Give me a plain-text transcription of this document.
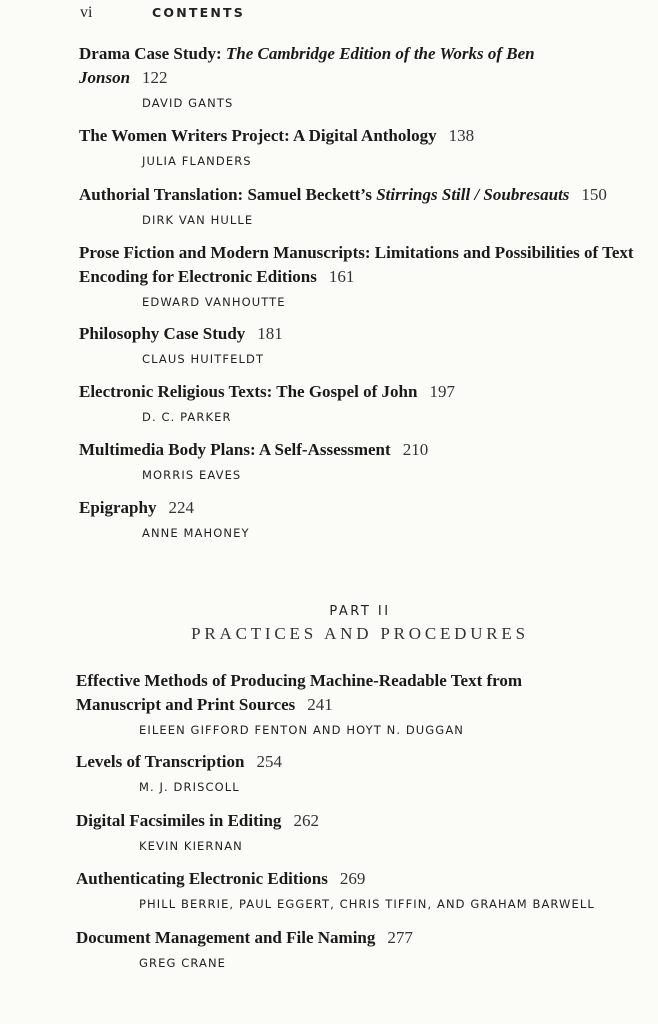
vi	CONTENTS
Drama Case Study: The Cambridge Edition of the Works of Ben Jonson 122
DAVID GANTS
The Women Writers Project: A Digital Anthology 138
JULIA FLANDERS
Authorial Translation: Samuel Beckett’s Stirrings Still / Soubresauts 150
DIRK VAN HULLE
Prose Fiction and Modern Manuscripts: Limitations and Possibilities of Text Encoding for Electronic Editions 161
EDWARD VANHOUTTE
Philosophy Case Study 181
CLAUS HUITFELDT
Electronic Religious Texts: The Gospel of John 197
D. C. PARKER
Multimedia Body Plans: A Self-Assessment 210
MORRIS EAVES
Epigraphy 224
ANNE MAHONEY
PART II
PRACTICES AND PROCEDURES
Effective Methods of Producing Machine-Readable Text from Manuscript and Print Sources 241
EILEEN GIFFORD FENTON AND HOYT N. DUGGAN
Levels of Transcription 254
M. J. DRISCOLL
Digital Facsimiles in Editing 262
KEVIN KIERNAN
Authenticating Electronic Editions 269
PHILL BERRIE, PAUL EGGERT, CHRIS TIFFIN, AND GRAHAM BARWELL
Document Management and File Naming 277
GREG CRANE
